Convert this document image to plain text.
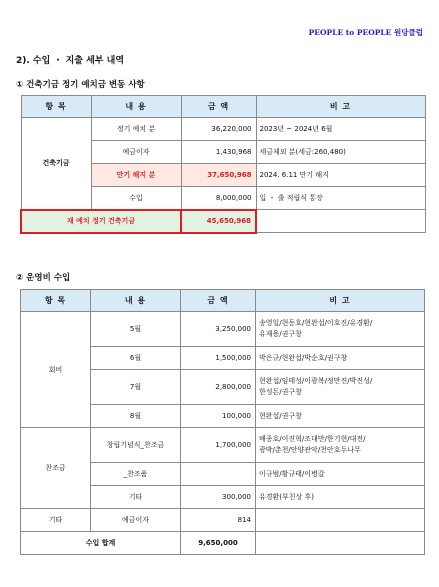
PEOPLE to PEOPLE 원당클럽
2). 수입 ・ 지출 세부 내역
① 건축기금 정기 예치금 변동 사항
항 목	내 용	금 액	비 고
건축기금	정기 예치 분	36,220,000	2023년 ~ 2024년 6월
	예금이자	1,430,968	세금제외 분(세금:260,480)
	만기 해지 분	37,650,968	2024. 6.11 만기 해지
	수입	8,000,000	입 ・ 출 적립식 통장
재 예치 정기 건축기금		45,650,968	
② 운영비 수입
항 목	내 용	금 액	비 고
회비	5월	3,250,000	송영일/현동호/현완섭/이호진/유경환/
유재용/권구창

	6월	1,500,000	박은규/현완섭/박순호/권구창

	7월	2,800,000	현완섭/임태성/이광복/정만진/박진성/
한성돈/권구창

	8월	100,000	현완섭/권구창

찬조금	창립기념식_찬조금	1,700,000	배종호/이진혁/조대만/한기현/대전/
광박/춘천/안양관악/천안호두나무

	_찬조품		이규범/황규태/이병갈

	기타	300,000	유경환(부친상 후)

기타	예금이자	814	
수입 합계		9,650,000	
